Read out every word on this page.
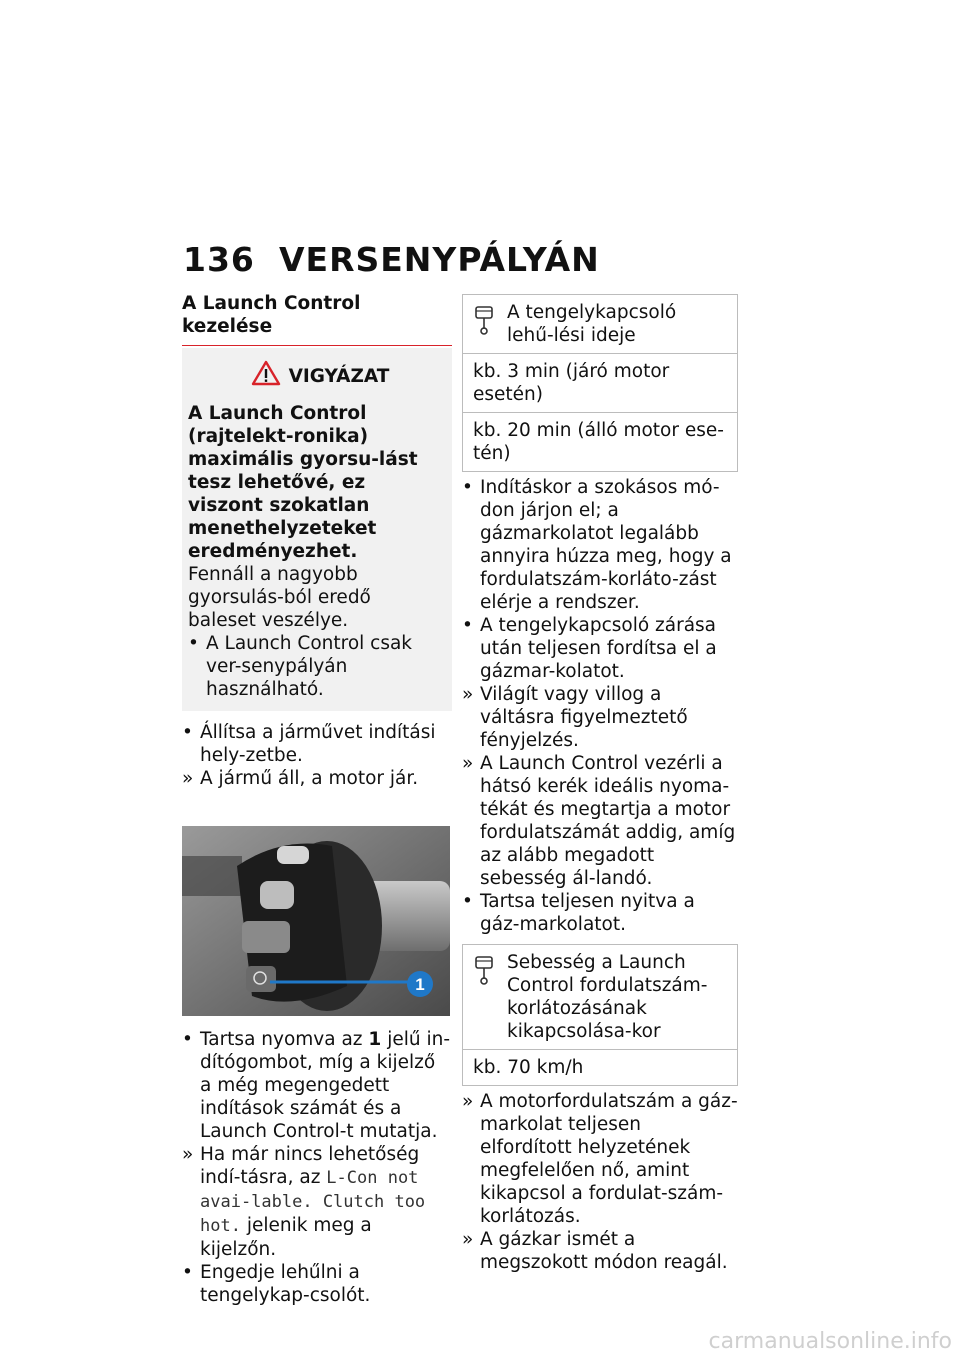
136 VERSENYPÁLYÁN
A Launch Control kezelése
VIGYÁZAT
A Launch Control (rajtelekt-ronika) maximális gyorsu-lást tesz lehetővé, ez viszont szokatlan menethelyzeteket eredményezhet.
Fennáll a nagyobb gyorsulás-ból eredő baleset veszélye.
• A Launch Control csak ver-senypályán használható.
• Állítsa a járművet indítási hely-zetbe.
» A jármű áll, a motor jár.
1
• Tartsa nyomva az 1 jelű in-dítógombot, míg a kijelző a még megengedett indítások számát és a Launch Control-t mutatja.
» Ha már nincs lehetőség indí-tásra, az L-Con not avai-lable. Clutch too hot. jelenik meg a kijelzőn.
• Engedje lehűlni a tengelykap-csolót.
A tengelykapcsoló lehű-lési ideje
kb. 3 min (járó motor esetén)
kb. 20 min (álló motor ese-tén)
• Indításkor a szokásos mó-don járjon el; a gázmarkolatot legalább annyira húzza meg, hogy a fordulatszám-korláto-zást elérje a rendszer.
• A tengelykapcsoló zárása után teljesen fordítsa el a gázmar-kolatot.
» Világít vagy villog a váltásra figyelmeztető fényjelzés.
» A Launch Control vezérli a hátsó kerék ideális nyoma-tékát és megtartja a motor fordulatszámát addig, amíg az alább megadott sebesség ál-landó.
• Tartsa teljesen nyitva a gáz-markolatot.
Sebesség a Launch Control fordulatszám-korlátozásának kikapcsolása-kor
kb. 70 km/h
» A motorfordulatszám a gáz-markolat teljesen elfordított helyzetének megfelelően nő, amint kikapcsol a fordulat-szám-korlátozás.
» A gázkar ismét a megszokott módon reagál.
carmanualsonline.info
